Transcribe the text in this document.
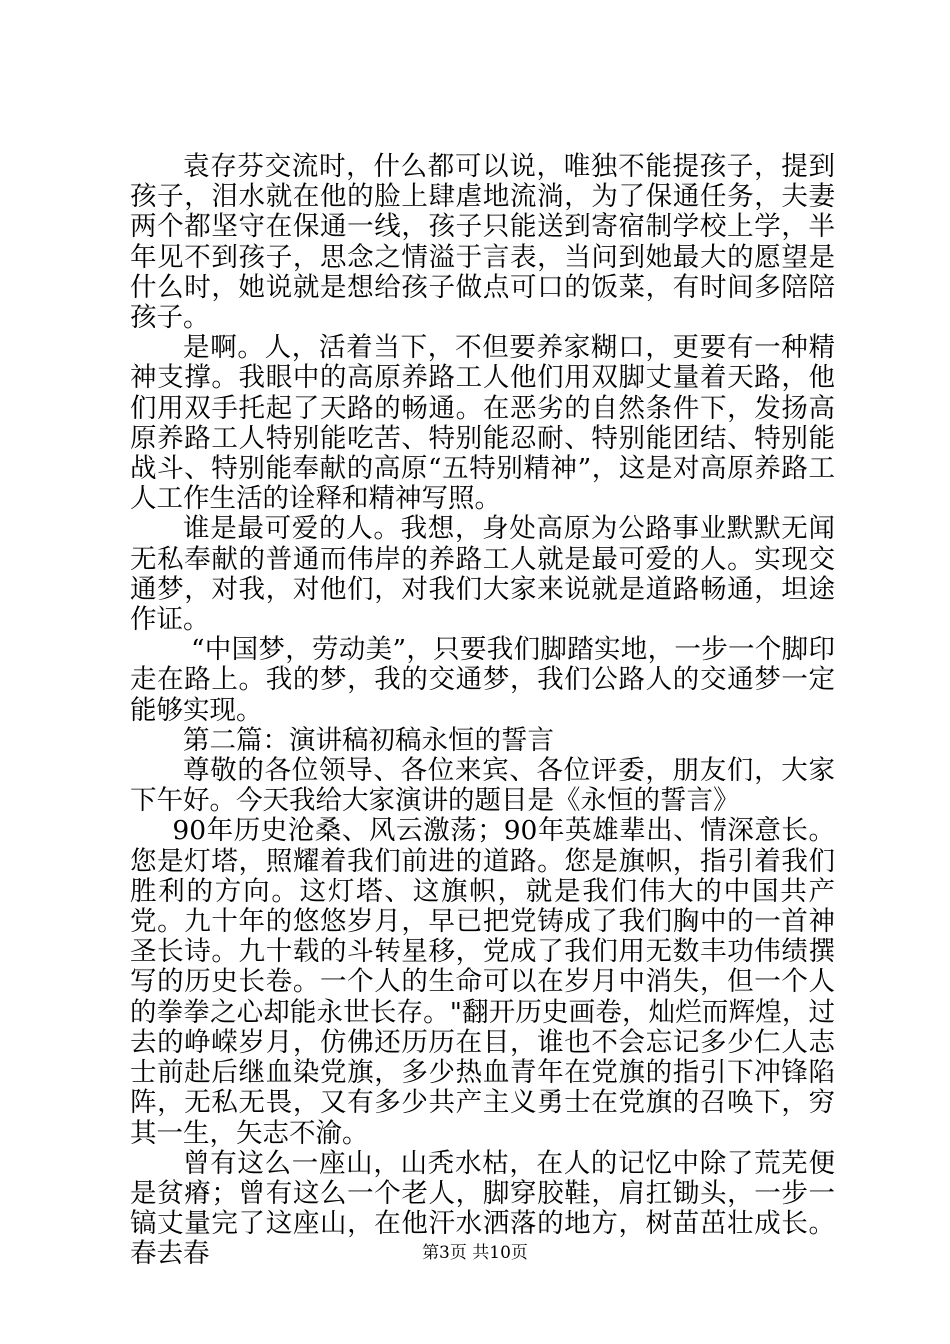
袁存芬交流时，什么都可以说，唯独不能提孩子，提到孩子，泪水就在他的脸上肆虐地流淌，为了保通任务，夫妻两个都坚守在保通一线，孩子只能送到寄宿制学校上学，半年见不到孩子，思念之情溢于言表，当问到她最大的愿望是什么时，她说就是想给孩子做点可口的饭菜，有时间多陪陪孩子。

是啊。人，活着当下，不但要养家糊口，更要有一种精神支撑。我眼中的高原养路工人他们用双脚丈量着天路，他们用双手托起了天路的畅通。在恶劣的自然条件下，发扬高原养路工人特别能吃苦、特别能忍耐、特别能团结、特别能战斗、特别能奉献的高原“五特别精神”，这是对高原养路工人工作生活的诠释和精神写照。

谁是最可爱的人。我想，身处高原为公路事业默默无闻无私奉献的普通而伟岸的养路工人就是最可爱的人。实现交通梦，对我，对他们，对我们大家来说就是道路畅通，坦途作证。

“中国梦，劳动美”，只要我们脚踏实地，一步一个脚印走在路上。我的梦，我的交通梦，我们公路人的交通梦一定能够实现。

第二篇：演讲稿初稿永恒的誓言

尊敬的各位领导、各位来宾、各位评委，朋友们，大家下午好。今天我给大家演讲的题目是《永恒的誓言》

90年历史沧桑、风云激荡；90年英雄辈出、情深意长。您是灯塔，照耀着我们前进的道路。您是旗帜，指引着我们胜利的方向。这灯塔、这旗帜，就是我们伟大的中国共产党。九十年的悠悠岁月，早已把党铸成了我们胸中的一首神圣长诗。九十载的斗转星移，党成了我们用无数丰功伟绩撰写的历史长卷。一个人的生命可以在岁月中消失，但一个人的拳拳之心却能永世长存。"翻开历史画卷，灿烂而辉煌，过去的峥嵘岁月，仿佛还历历在目，谁也不会忘记多少仁人志士前赴后继血染党旗，多少热血青年在党旗的指引下冲锋陷阵，无私无畏，又有多少共产主义勇士在党旗的召唤下，穷其一生，矢志不渝。

曾有这么一座山，山秃水枯，在人的记忆中除了荒芜便是贫瘠；曾有这么一个老人，脚穿胶鞋，肩扛锄头，一步一镐丈量完了这座山，在他汗水洒落的地方，树苗茁壮成长。春去春	第3页 共10页
